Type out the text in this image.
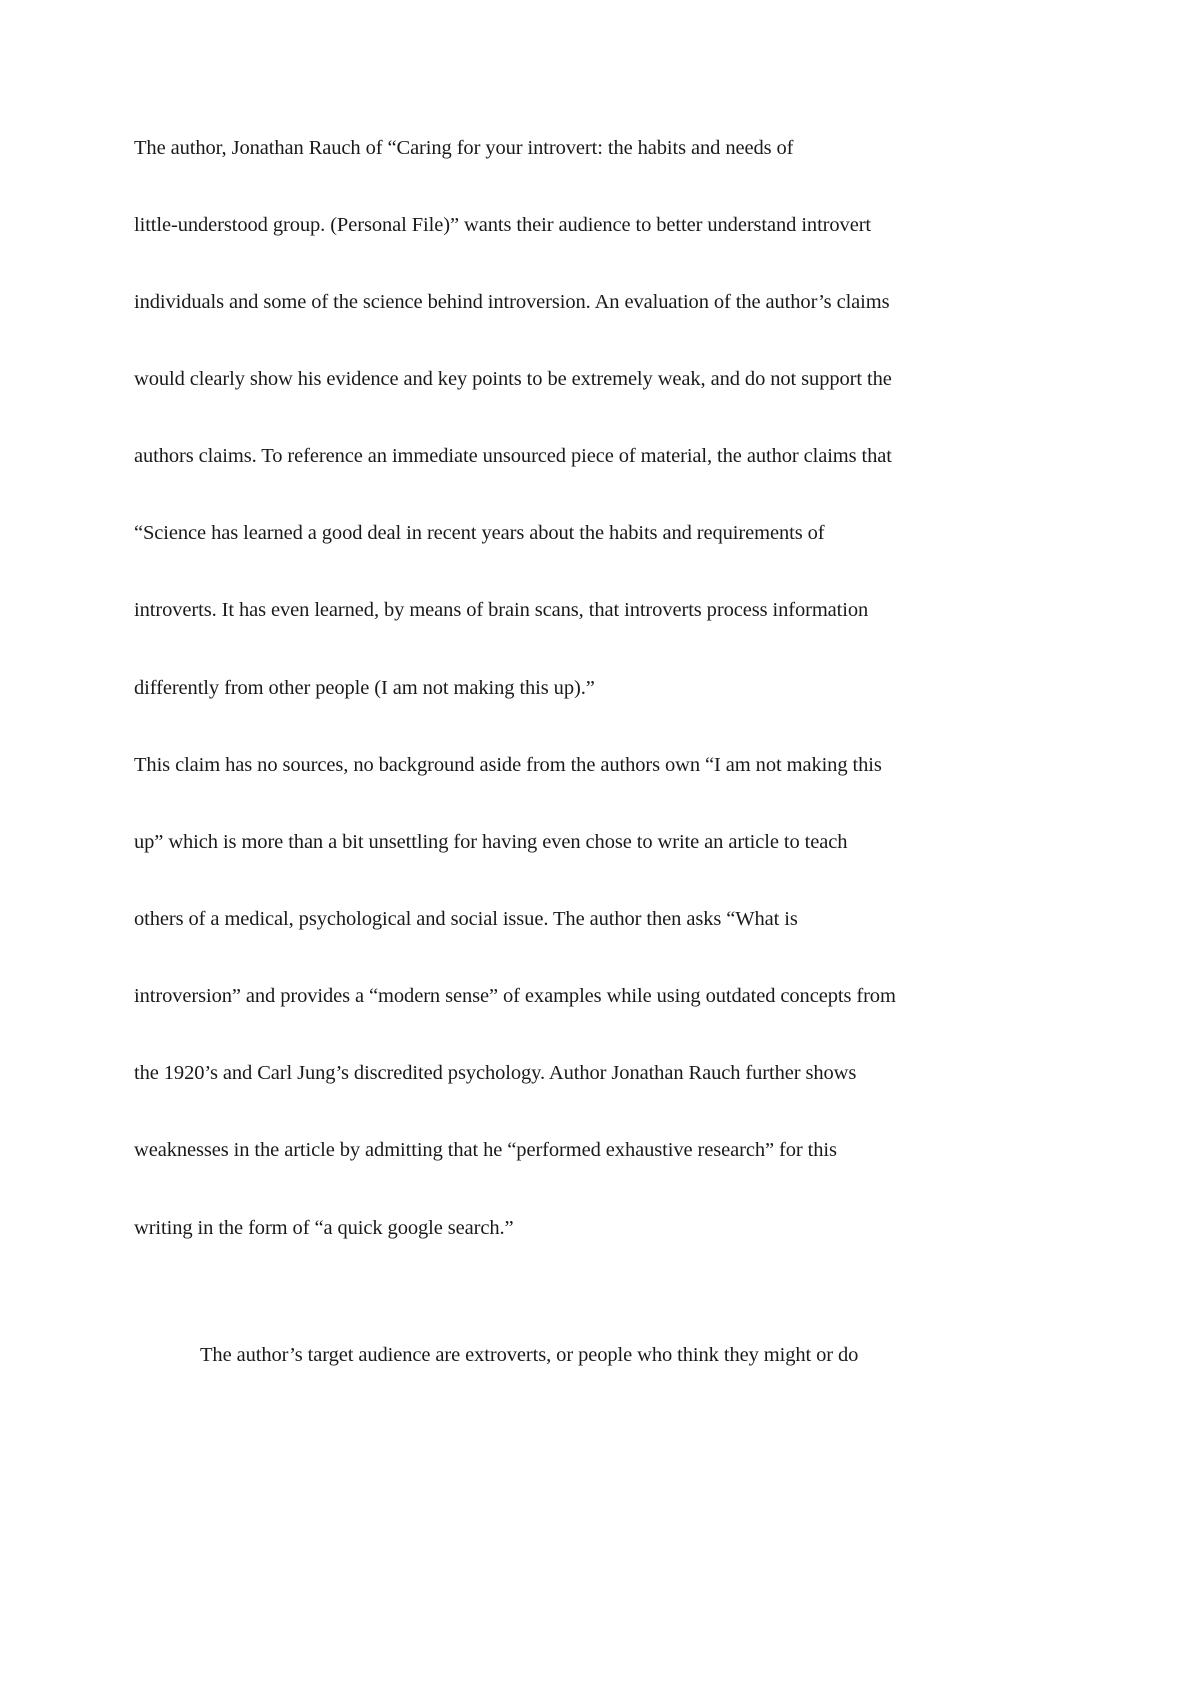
The author, Jonathan Rauch of “Caring for your introvert: the habits and needs of
little-understood group. (Personal File)” wants their audience to better understand introvert
individuals and some of the science behind introversion. An evaluation of the author’s claims
would clearly show his evidence and key points to be extremely weak, and do not support the
authors claims. To reference an immediate unsourced piece of material, the author claims that
“Science has learned a good deal in recent years about the habits and requirements of
introverts. It has even learned, by means of brain scans, that introverts process information
differently from other people (I am not making this up).”
This claim has no sources, no background aside from the authors own “I am not making this
up” which is more than a bit unsettling for having even chose to write an article to teach
others of a medical, psychological and social issue. The author then asks “What is
introversion” and provides a “modern sense” of examples while using outdated concepts from
the 1920’s and Carl Jung’s discredited psychology. Author Jonathan Rauch further shows
weaknesses in the article by admitting that he “performed exhaustive research” for this
writing in the form of “a quick google search.”
The author’s target audience are extroverts, or people who think they might or do
